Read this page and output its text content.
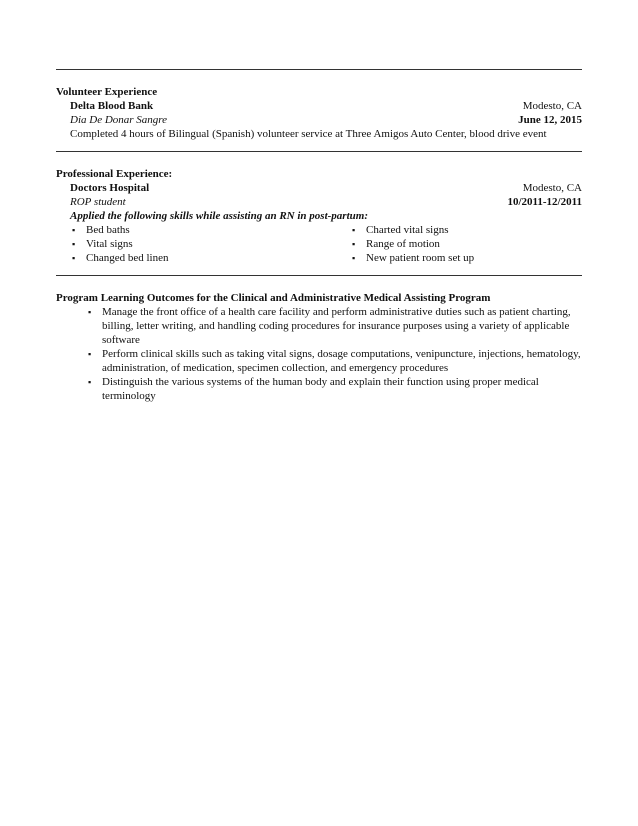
Volunteer Experience
Delta Blood Bank	Modesto, CA
Dia De Donar Sangre	June 12, 2015
Completed 4 hours of Bilingual (Spanish) volunteer service at Three Amigos Auto Center, blood drive event
Professional Experience:
Doctors Hospital	Modesto, CA
ROP student	10/2011-12/2011
Applied the following skills while assisting an RN in post-partum:
▪ Bed baths
▪ Vital signs
▪ Changed bed linen
▪ Charted vital signs
▪ Range of motion
▪ New patient room set up
Program Learning Outcomes for the Clinical and Administrative Medical Assisting Program
▪ Manage the front office of a health care facility and perform administrative duties such as patient charting, billing, letter writing, and handling coding procedures for insurance purposes using a variety of applicable software
▪ Perform clinical skills such as taking vital signs, dosage computations, venipuncture, injections, hematology, administration, of medication, specimen collection, and emergency procedures
▪ Distinguish the various systems of the human body and explain their function using proper medical terminology
